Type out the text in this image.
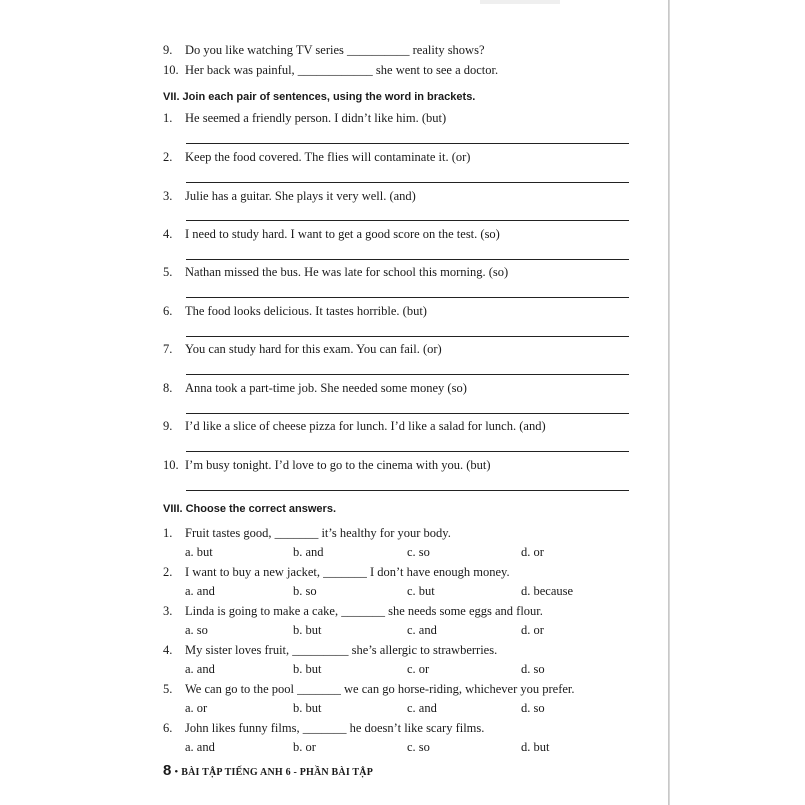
9. Do you like watching TV series __________ reality shows?
10. Her back was painful, ____________ she went to see a doctor.
VII. Join each pair of sentences, using the word in brackets.
1. He seemed a friendly person. I didn’t like him. (but)
2. Keep the food covered. The flies will contaminate it. (or)
3. Julie has a guitar. She plays it very well. (and)
4. I need to study hard. I want to get a good score on the test. (so)
5. Nathan missed the bus. He was late for school this morning. (so)
6. The food looks delicious. It tastes horrible. (but)
7. You can study hard for this exam. You can fail. (or)
8. Anna took a part-time job. She needed some money (so)
9. I’d like a slice of cheese pizza for lunch. I’d like a salad for lunch. (and)
10. I’m busy tonight. I’d love to go to the cinema with you. (but)
VIII. Choose the correct answers.
1. Fruit tastes good, _______ it’s healthy for your body.
a. but	b. and	c. so	d. or
2. I want to buy a new jacket, _______ I don’t have enough money.
a. and	b. so	c. but	d. because
3. Linda is going to make a cake, _______ she needs some eggs and flour.
a. so	b. but	c. and	d. or
4. My sister loves fruit, _________ she’s allergic to strawberries.
a. and	b. but	c. or	d. so
5. We can go to the pool _______ we can go horse-riding, whichever you prefer.
a. or	b. but	c. and	d. so
6. John likes funny films, _______ he doesn’t like scary films.
a. and	b. or	c. so	d. but
8 • BÀI TẬP TIẾNG ANH 6 - PHẦN BÀI TẬP
